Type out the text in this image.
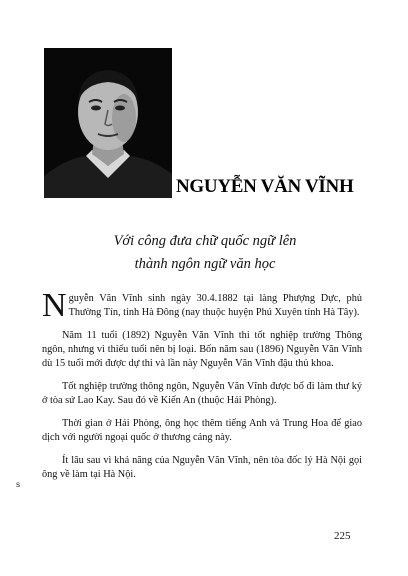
NGUYỄN VĂN VĨNH
Với công đưa chữ quốc ngữ lên
thành ngôn ngữ văn học

Nguyễn Văn Vĩnh sinh ngày 30.4.1882 tại làng Phượng Dực, phủ Thường Tín, tỉnh Hà Đông (nay thuộc huyện Phú Xuyên tỉnh Hà Tây).

Năm 11 tuổi (1892) Nguyễn Văn Vĩnh thi tốt nghiệp trường Thông ngôn, nhưng vì thiếu tuổi nên bị loại. Bốn năm sau (1896) Nguyễn Văn Vĩnh dù 15 tuổi mới được dự thi và lần này Nguyễn Văn Vĩnh đậu thủ khoa.

Tốt nghiệp trường thông ngôn, Nguyễn Văn Vĩnh được bổ đi làm thư ký ở tòa sứ Lao Kay. Sau đó về Kiến An (thuộc Hải Phòng).

Thời gian ở Hải Phòng, ông học thêm tiếng Anh và Trung Hoa để giao dịch với người ngoại quốc ở thương cảng này.

Ít lâu sau vì khả năng của Nguyễn Văn Vĩnh, nên tòa đốc lý Hà Nội gọi ông về làm tại Hà Nội.

s
225
